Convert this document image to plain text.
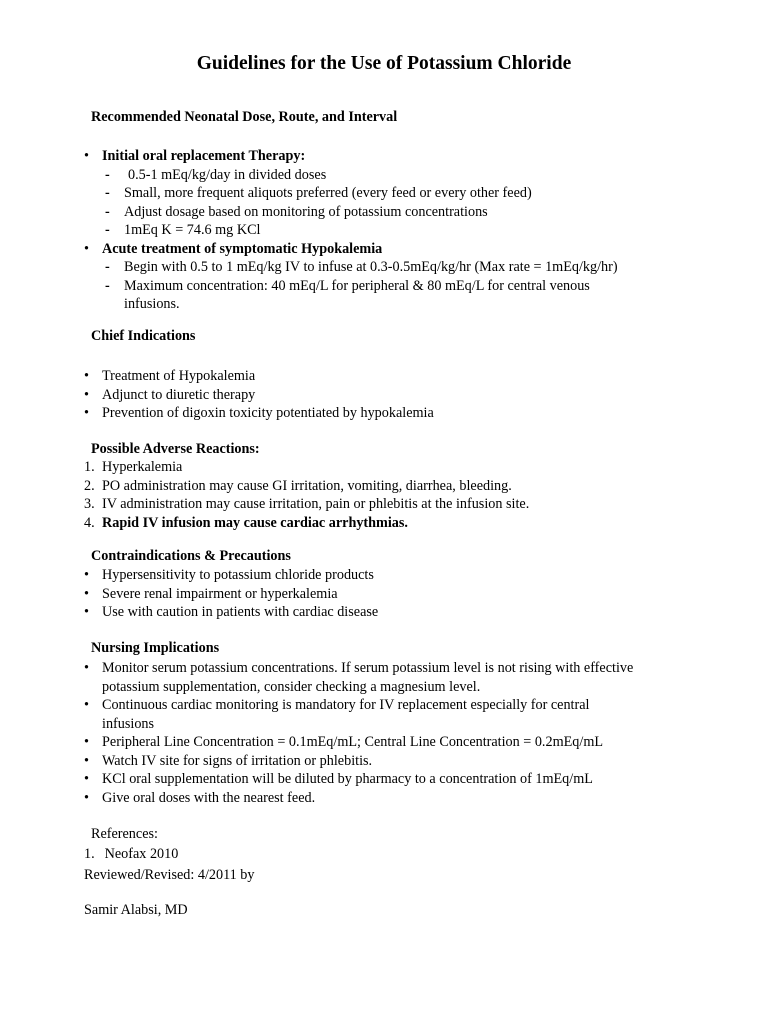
Guidelines for the Use of Potassium Chloride

Recommended Neonatal Dose, Route, and Interval

• Initial oral replacement Therapy:
- 0.5-1 mEq/kg/day in divided doses
- Small, more frequent aliquots preferred (every feed or every other feed)
- Adjust dosage based on monitoring of potassium concentrations
- 1mEq K = 74.6 mg KCl
• Acute treatment of symptomatic Hypokalemia
- Begin with 0.5 to 1 mEq/kg IV to infuse at 0.3-0.5mEq/kg/hr (Max rate = 1mEq/kg/hr)
- Maximum concentration: 40 mEq/L for peripheral & 80 mEq/L for central venous infusions.

Chief Indications

• Treatment of Hypokalemia
• Adjunct to diuretic therapy
• Prevention of digoxin toxicity potentiated by hypokalemia

Possible Adverse Reactions:

1. Hyperkalemia
2. PO administration may cause GI irritation, vomiting, diarrhea, bleeding.
3. IV administration may cause irritation, pain or phlebitis at the infusion site.
4. Rapid IV infusion may cause cardiac arrhythmias.

Contraindications & Precautions

• Hypersensitivity to potassium chloride products
• Severe renal impairment or hyperkalemia
• Use with caution in patients with cardiac disease

Nursing Implications

• Monitor serum potassium concentrations. If serum potassium level is not rising with effective potassium supplementation, consider checking a magnesium level.
• Continuous cardiac monitoring is mandatory for IV replacement especially for central infusions
• Peripheral Line Concentration = 0.1mEq/mL; Central Line Concentration = 0.2mEq/mL
• Watch IV site for signs of irritation or phlebitis.
• KCl oral supplementation will be diluted by pharmacy to a concentration of 1mEq/mL
• Give oral doses with the nearest feed.

References:

1. Neofax 2010

Reviewed/Revised: 4/2011 by

Samir Alabsi, MD
